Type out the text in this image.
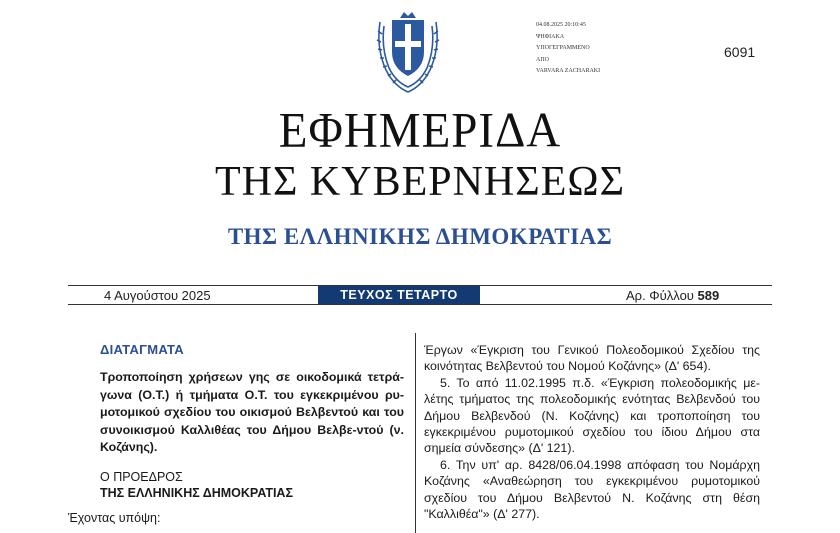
04.08.2025 20:10:45
ΨΗΦΙΑΚΑ
ΥΠΟΓΕΓΡΑΜΜΕΝΟ
ΑΠΟ
VARVARA ZACHARAKI
6091
ΕΦΗΜΕΡΙΔΑ
ΤΗΣ ΚΥΒΕΡΝΗΣΕΩΣ
ΤΗΣ ΕΛΛΗΝΙΚΗΣ ΔΗΜΟΚΡΑΤΙΑΣ
4 Αυγούστου 2025	ΤΕΥΧΟΣ ΤΕΤΑΡΤΟ	Αρ. Φύλλου 589
ΔΙΑΤΑΓΜΑΤΑ

Τροποποίηση χρήσεων γης σε οικοδομικά τετρά-γωνα (Ο.Τ.) ή τμήματα Ο.Τ. του εγκεκριμένου ρυ-μοτομικού σχεδίου του οικισμού Βελβεντού και του συνοικισμού Καλλιθέας του Δήμου Βελβε-ντού (ν. Κοζάνης).

Ο ΠΡΟΕΔΡΟΣ
ΤΗΣ ΕΛΛΗΝΙΚΗΣ ΔΗΜΟΚΡΑΤΙΑΣ
Έχοντας υπόψη:

Έργων «Έγκριση του Γενικού Πολεοδομικού Σχεδίου της κοινότητας Βελβεντού του Νομού Κοζάνης» (Δ' 654).

5. Το από 11.02.1995 π.δ. «Έγκριση πολεοδομικής με-λέτης τμήματος της πολεοδομικής ενότητας Βελβενδού του Δήμου Βελβενδού (Ν. Κοζάνης) και τροποποίηση του εγκεκριμένου ρυμοτομικού σχεδίου του ίδιου Δήμου στα σημεία σύνδεσης» (Δ' 121).

6. Την υπ' αρ. 8428/06.04.1998 απόφαση του Νομάρχη Κοζάνης «Αναθεώρηση του εγκεκριμένου ρυμοτομικού σχεδίου του Δήμου Βελβεντού Ν. Κοζάνης στη θέση "Καλλιθέα"» (Δ' 277).
